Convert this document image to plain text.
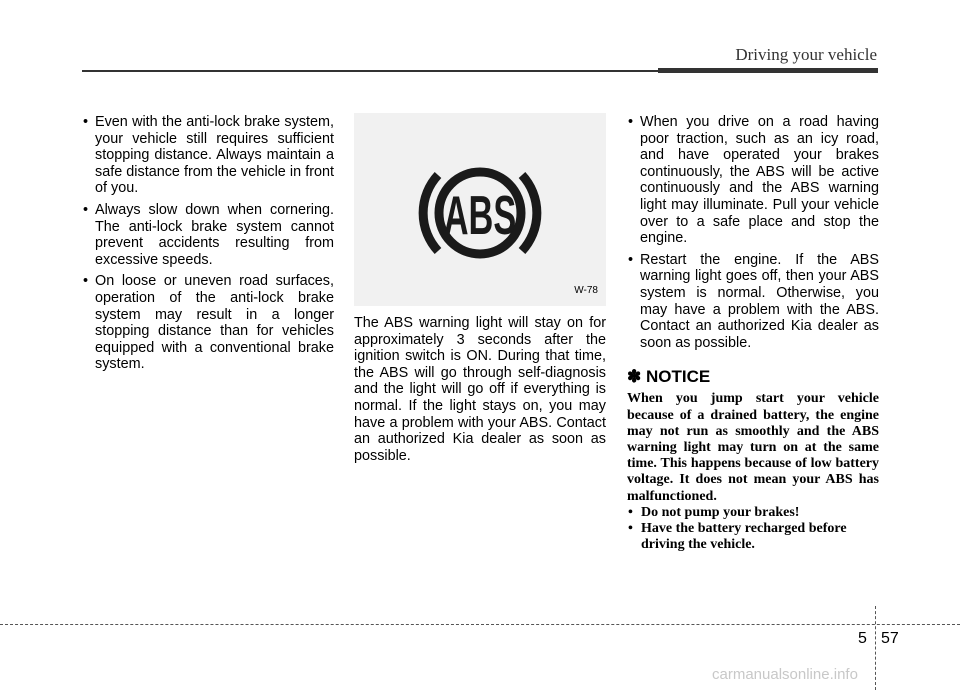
Driving your vehicle
• Even with the anti-lock brake system, your vehicle still requires sufficient stopping distance. Always maintain a safe distance from the vehicle in front of you.
• Always slow down when cornering. The anti-lock brake system cannot prevent accidents resulting from excessive speeds.
• On loose or uneven road surfaces, operation of the anti-lock brake system may result in a longer stopping distance than for vehicles equipped with a conventional brake system.
ABS
W-78
The ABS warning light will stay on for approximately 3 seconds after the ignition switch is ON. During that time, the ABS will go through self-diagnosis and the light will go off if everything is normal. If the light stays on, you may have a problem with your ABS. Contact an authorized Kia dealer as soon as possible.
• When you drive on a road having poor traction, such as an icy road, and have operated your brakes continuously, the ABS will be active continuously and the ABS warning light may illuminate. Pull your vehicle over to a safe place and stop the engine.
• Restart the engine. If the ABS warning light goes off, then your ABS system is normal. Otherwise, you may have a problem with the ABS. Contact an authorized Kia dealer as soon as possible.
✽ NOTICE
When you jump start your vehicle because of a drained battery, the engine may not run as smoothly and the ABS warning light may turn on at the same time. This happens because of low battery voltage. It does not mean your ABS has malfunctioned.
• Do not pump your brakes!
• Have the battery recharged before driving the vehicle.
5 57
carmanualsonline.info
